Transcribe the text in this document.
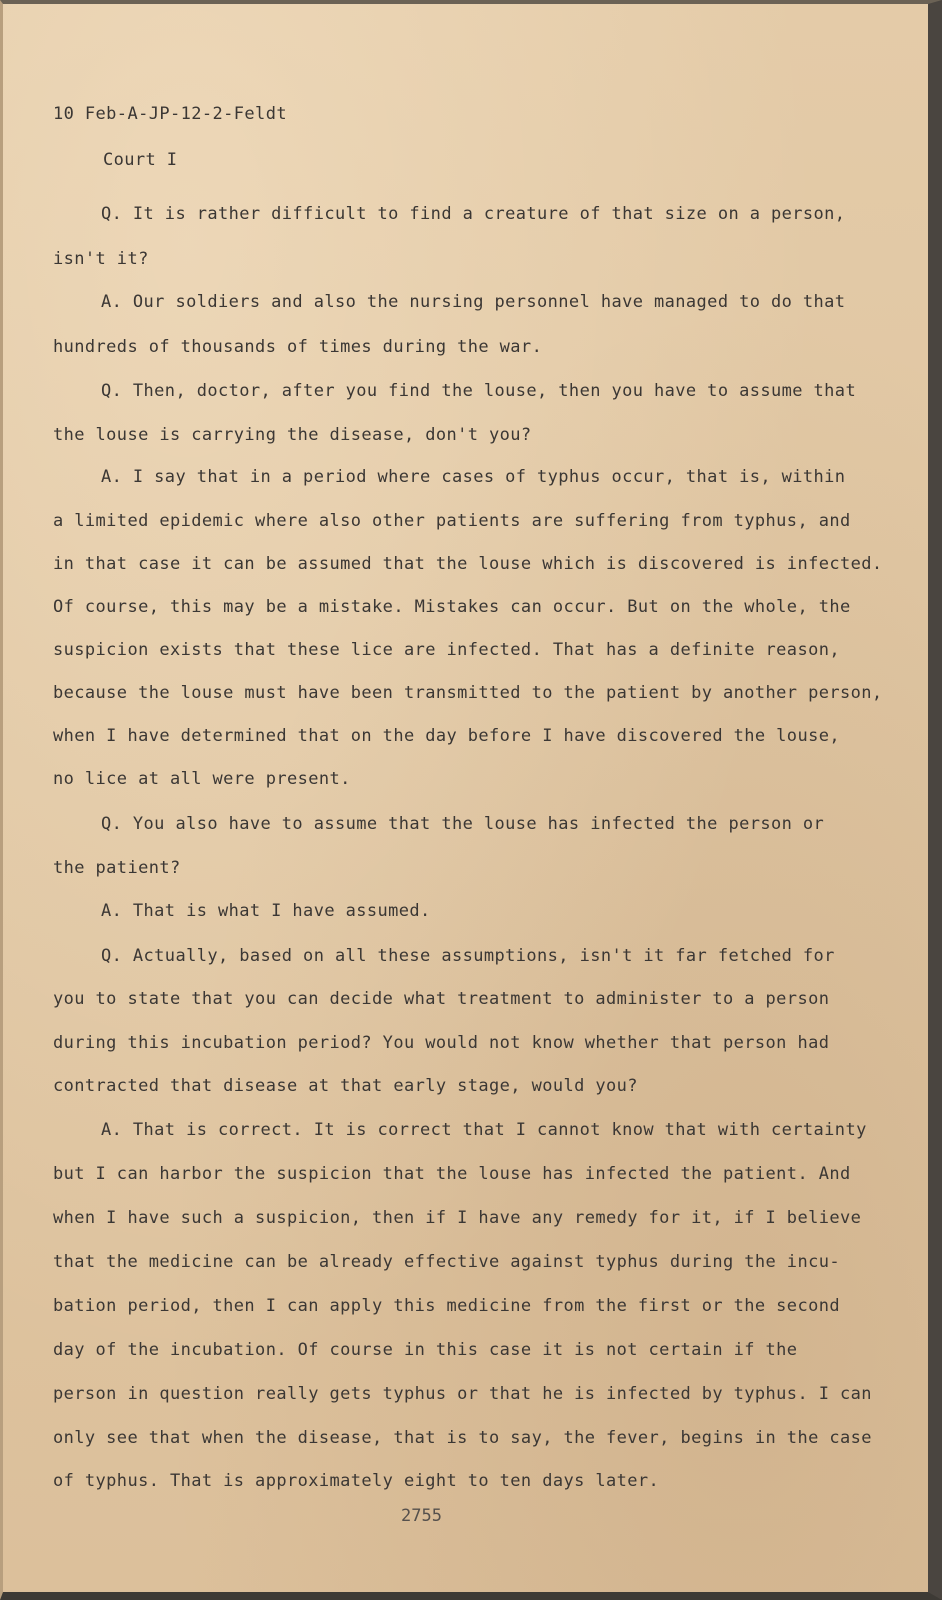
10 Feb-A-JP-12-2-Feldt
Court I
Q. It is rather difficult to find a creature of that size on a person,
isn't it?
A. Our soldiers and also the nursing personnel have managed to do that
hundreds of thousands of times during the war.
Q. Then, doctor, after you find the louse, then you have to assume that
the louse is carrying the disease, don't you?
A. I say that in a period where cases of typhus occur, that is, within
a limited epidemic where also other patients are suffering from typhus, and
in that case it can be assumed that the louse which is discovered is infected.
Of course, this may be a mistake. Mistakes can occur. But on the whole, the
suspicion exists that these lice are infected. That has a definite reason,
because the louse must have been transmitted to the patient by another person,
when I have determined that on the day before I have discovered the louse,
no lice at all were present.
Q. You also have to assume that the louse has infected the person or
the patient?
A. That is what I have assumed.
Q. Actually, based on all these assumptions, isn't it far fetched for
you to state that you can decide what treatment to administer to a person
during this incubation period? You would not know whether that person had
contracted that disease at that early stage, would you?
A. That is correct. It is correct that I cannot know that with certainty
but I can harbor the suspicion that the louse has infected the patient. And
when I have such a suspicion, then if I have any remedy for it, if I believe
that the medicine can be already effective against typhus during the incu-
bation period, then I can apply this medicine from the first or the second
day of the incubation. Of course in this case it is not certain if the
person in question really gets typhus or that he is infected by typhus. I can
only see that when the disease, that is to say, the fever, begins in the case
of typhus. That is approximately eight to ten days later.
2755
